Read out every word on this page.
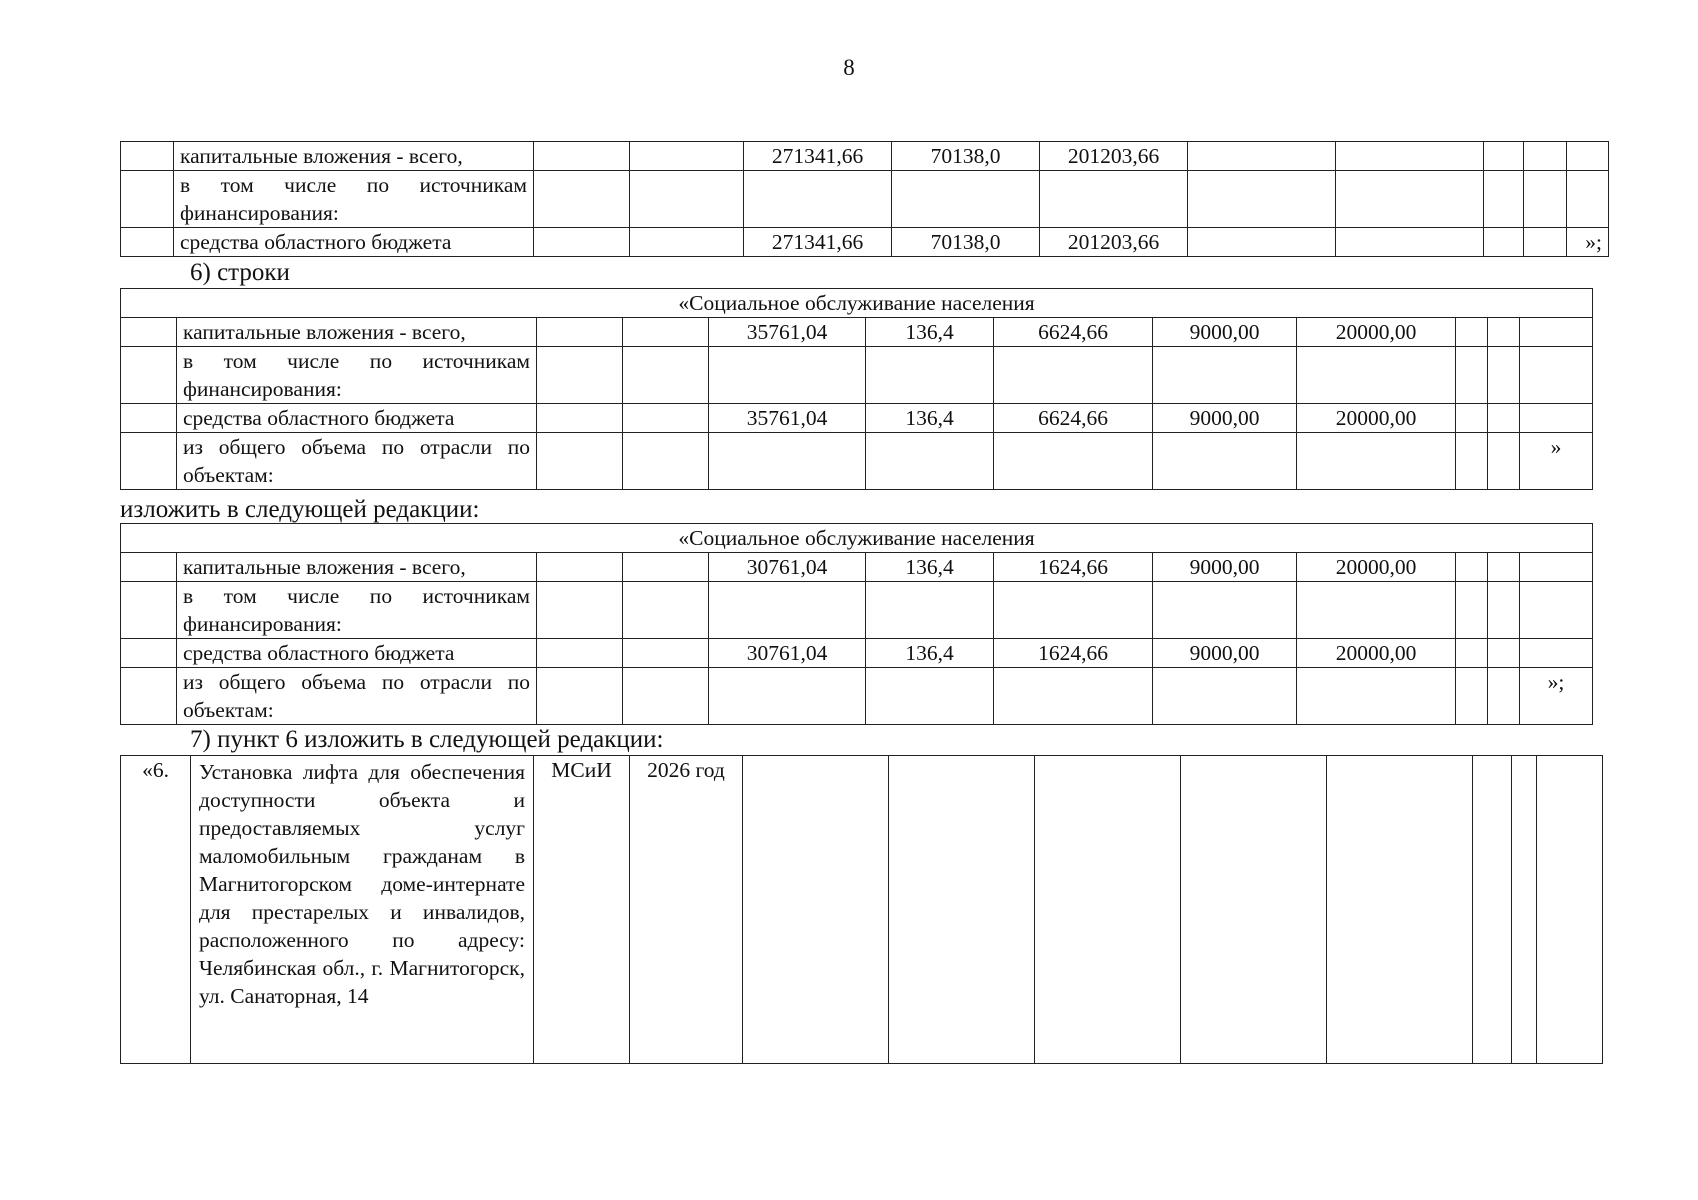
8
	капитальные вложения - всего,			271341,66	70138,0	201203,66					
	в том числе по источникам финансирования:										
	средства областного бюджета			271341,66	70138,0	201203,66					»;
6) строки
«Социальное обслуживание населения											
	капитальные вложения - всего,			35761,04	136,4	6624,66	9000,00	20000,00			
	в том числе по источникам финансирования:										
	средства областного бюджета			35761,04	136,4	6624,66	9000,00	20000,00			
	из общего объема по отрасли по объектам:										»
изложить в следующей редакции:
«Социальное обслуживание населения											
	капитальные вложения - всего,			30761,04	136,4	1624,66	9000,00	20000,00			
	в том числе по источникам финансирования:										
	средства областного бюджета			30761,04	136,4	1624,66	9000,00	20000,00			
	из общего объема по отрасли по объектам:										»;
7) пункт 6 изложить в следующей редакции:
«6.	Установка лифта для обеспечения доступности объекта и предоставляемых услуг маломобильным гражданам в Магнитогорском доме-интернате для престарелых и инвалидов, расположенного по адресу: Челябинская обл., г. Магнитогорск, ул. Санаторная, 14	МСиИ	2026 год								
